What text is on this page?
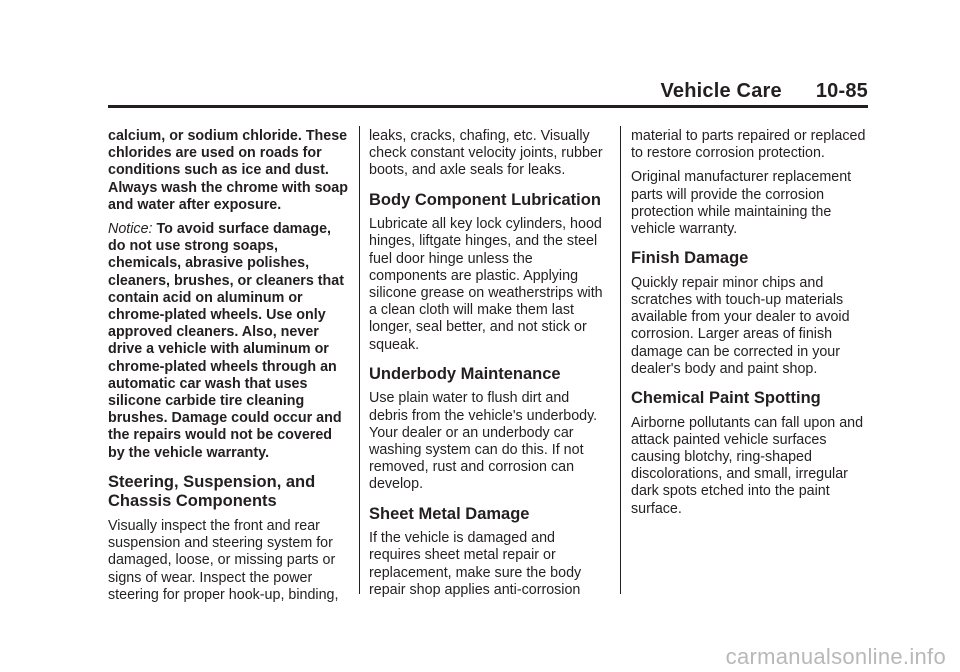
Vehicle Care 10-85

calcium, or sodium chloride. These chlorides are used on roads for conditions such as ice and dust. Always wash the chrome with soap and water after exposure.

Notice: To avoid surface damage, do not use strong soaps, chemicals, abrasive polishes, cleaners, brushes, or cleaners that contain acid on aluminum or chrome-plated wheels. Use only approved cleaners. Also, never drive a vehicle with aluminum or chrome-plated wheels through an automatic car wash that uses silicone carbide tire cleaning brushes. Damage could occur and the repairs would not be covered by the vehicle warranty.

Steering, Suspension, and Chassis Components

Visually inspect the front and rear suspension and steering system for damaged, loose, or missing parts or signs of wear. Inspect the power steering for proper hook-up, binding,

leaks, cracks, chafing, etc. Visually check constant velocity joints, rubber boots, and axle seals for leaks.

Body Component Lubrication

Lubricate all key lock cylinders, hood hinges, liftgate hinges, and the steel fuel door hinge unless the components are plastic. Applying silicone grease on weatherstrips with a clean cloth will make them last longer, seal better, and not stick or squeak.

Underbody Maintenance

Use plain water to flush dirt and debris from the vehicle's underbody. Your dealer or an underbody car washing system can do this. If not removed, rust and corrosion can develop.

Sheet Metal Damage

If the vehicle is damaged and requires sheet metal repair or replacement, make sure the body repair shop applies anti-corrosion

material to parts repaired or replaced to restore corrosion protection.

Original manufacturer replacement parts will provide the corrosion protection while maintaining the vehicle warranty.

Finish Damage

Quickly repair minor chips and scratches with touch-up materials available from your dealer to avoid corrosion. Larger areas of finish damage can be corrected in your dealer's body and paint shop.

Chemical Paint Spotting

Airborne pollutants can fall upon and attack painted vehicle surfaces causing blotchy, ring-shaped discolorations, and small, irregular dark spots etched into the paint surface.

carmanualsonline.info
